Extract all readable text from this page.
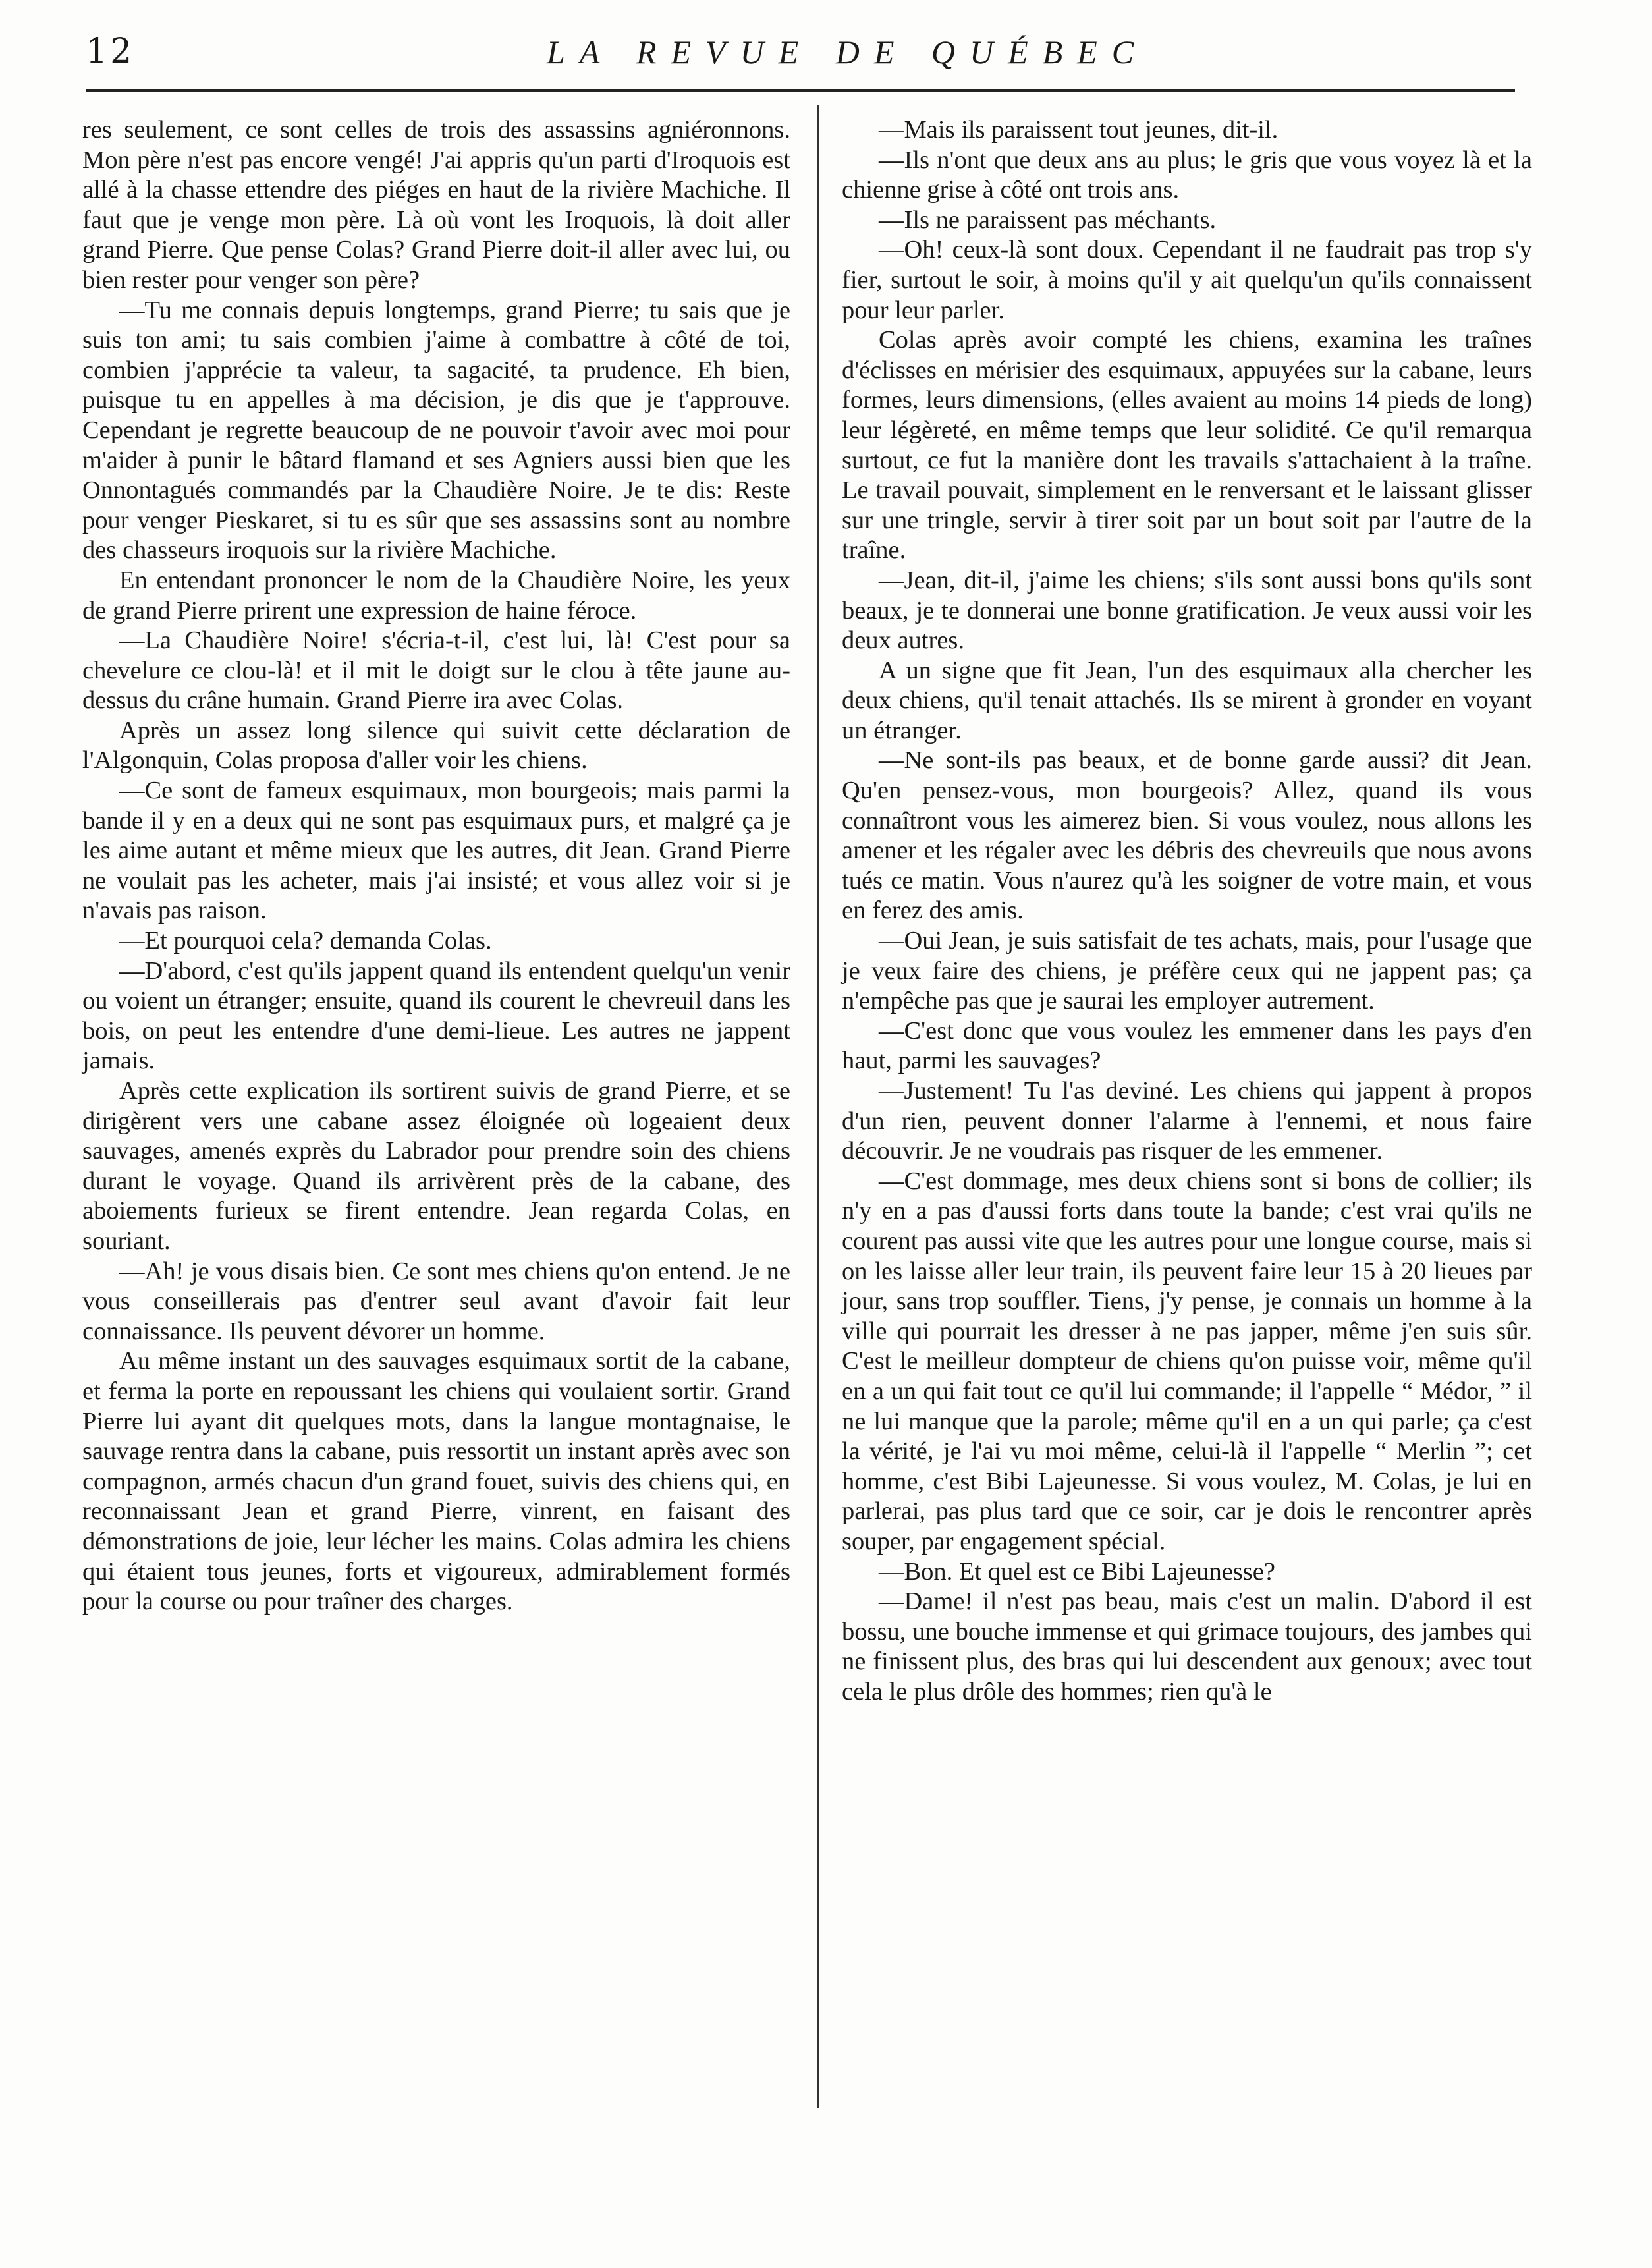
12	LA REVUE DE QUÉBEC

res seulement, ce sont celles de trois des assassins agniéronnons. Mon père n'est pas encore vengé! J'ai appris qu'un parti d'Iroquois est allé à la chasse ettendre des piéges en haut de la rivière Machiche. Il faut que je venge mon père. Là où vont les Iroquois, là doit aller grand Pierre. Que pense Colas? Grand Pierre doit-il aller avec lui, ou bien rester pour venger son père?

—Tu me connais depuis longtemps, grand Pierre; tu sais que je suis ton ami; tu sais combien j'aime à combattre à côté de toi, combien j'apprécie ta valeur, ta sagacité, ta prudence. Eh bien, puisque tu en appelles à ma décision, je dis que je t'approuve. Cependant je regrette beaucoup de ne pouvoir t'avoir avec moi pour m'aider à punir le bâtard flamand et ses Agniers aussi bien que les Onnontagués commandés par la Chaudière Noire. Je te dis: Reste pour venger Pieskaret, si tu es sûr que ses assassins sont au nombre des chasseurs iroquois sur la rivière Machiche.

En entendant prononcer le nom de la Chaudière Noire, les yeux de grand Pierre prirent une expression de haine féroce.

—La Chaudière Noire! s'écria-t-il, c'est lui, là! C'est pour sa chevelure ce clou-là! et il mit le doigt sur le clou à tête jaune au-dessus du crâne humain. Grand Pierre ira avec Colas.

Après un assez long silence qui suivit cette déclaration de l'Algonquin, Colas proposa d'aller voir les chiens.

—Ce sont de fameux esquimaux, mon bourgeois; mais parmi la bande il y en a deux qui ne sont pas esquimaux purs, et malgré ça je les aime autant et même mieux que les autres, dit Jean. Grand Pierre ne voulait pas les acheter, mais j'ai insisté; et vous allez voir si je n'avais pas raison.

—Et pourquoi cela? demanda Colas.

—D'abord, c'est qu'ils jappent quand ils entendent quelqu'un venir ou voient un étranger; ensuite, quand ils courent le chevreuil dans les bois, on peut les entendre d'une demi-lieue. Les autres ne jappent jamais.

Après cette explication ils sortirent suivis de grand Pierre, et se dirigèrent vers une cabane assez éloignée où logeaient deux sauvages, amenés exprès du Labrador pour prendre soin des chiens durant le voyage. Quand ils arrivèrent près de la cabane, des aboiements furieux se firent entendre. Jean regarda Colas, en souriant.

—Ah! je vous disais bien. Ce sont mes chiens qu'on entend. Je ne vous conseillerais pas d'entrer seul avant d'avoir fait leur connaissance. Ils peuvent dévorer un homme.

Au même instant un des sauvages esquimaux sortit de la cabane, et ferma la porte en repoussant les chiens qui voulaient sortir. Grand Pierre lui ayant dit quelques mots, dans la langue montagnaise, le sauvage rentra dans la cabane, puis ressortit un instant après avec son compagnon, armés chacun d'un grand fouet, suivis des chiens qui, en reconnaissant Jean et grand Pierre, vinrent, en faisant des démonstrations de joie, leur lécher les mains. Colas admira les chiens qui étaient tous jeunes, forts et vigoureux, admirablement formés pour la course ou pour traîner des charges.

—Mais ils paraissent tout jeunes, dit-il.

—Ils n'ont que deux ans au plus; le gris que vous voyez là et la chienne grise à côté ont trois ans.

—Ils ne paraissent pas méchants.

—Oh! ceux-là sont doux. Cependant il ne faudrait pas trop s'y fier, surtout le soir, à moins qu'il y ait quelqu'un qu'ils connaissent pour leur parler.

Colas après avoir compté les chiens, examina les traînes d'éclisses en mérisier des esquimaux, appuyées sur la cabane, leurs formes, leurs dimensions, (elles avaient au moins 14 pieds de long) leur légèreté, en même temps que leur solidité. Ce qu'il remarqua surtout, ce fut la manière dont les travails s'attachaient à la traîne. Le travail pouvait, simplement en le renversant et le laissant glisser sur une tringle, servir à tirer soit par un bout soit par l'autre de la traîne.

—Jean, dit-il, j'aime les chiens; s'ils sont aussi bons qu'ils sont beaux, je te donnerai une bonne gratification. Je veux aussi voir les deux autres.

A un signe que fit Jean, l'un des esquimaux alla chercher les deux chiens, qu'il tenait attachés. Ils se mirent à gronder en voyant un étranger.

—Ne sont-ils pas beaux, et de bonne garde aussi? dit Jean. Qu'en pensez-vous, mon bourgeois? Allez, quand ils vous connaîtront vous les aimerez bien. Si vous voulez, nous allons les amener et les régaler avec les débris des chevreuils que nous avons tués ce matin. Vous n'aurez qu'à les soigner de votre main, et vous en ferez des amis.

—Oui Jean, je suis satisfait de tes achats, mais, pour l'usage que je veux faire des chiens, je préfère ceux qui ne jappent pas; ça n'empêche pas que je saurai les employer autrement.

—C'est donc que vous voulez les emmener dans les pays d'en haut, parmi les sauvages?

—Justement! Tu l'as deviné. Les chiens qui jappent à propos d'un rien, peuvent donner l'alarme à l'ennemi, et nous faire découvrir. Je ne voudrais pas risquer de les emmener.

—C'est dommage, mes deux chiens sont si bons de collier; ils n'y en a pas d'aussi forts dans toute la bande; c'est vrai qu'ils ne courent pas aussi vite que les autres pour une longue course, mais si on les laisse aller leur train, ils peuvent faire leur 15 à 20 lieues par jour, sans trop souffler. Tiens, j'y pense, je connais un homme à la ville qui pourrait les dresser à ne pas japper, même j'en suis sûr. C'est le meilleur dompteur de chiens qu'on puisse voir, même qu'il en a un qui fait tout ce qu'il lui commande; il l'appelle “ Médor, ” il ne lui manque que la parole; même qu'il en a un qui parle; ça c'est la vérité, je l'ai vu moi même, celui-là il l'appelle “ Merlin ”; cet homme, c'est Bibi Lajeunesse. Si vous voulez, M. Colas, je lui en parlerai, pas plus tard que ce soir, car je dois le rencontrer après souper, par engagement spécial.

—Bon. Et quel est ce Bibi Lajeunesse?

—Dame! il n'est pas beau, mais c'est un malin. D'abord il est bossu, une bouche immense et qui grimace toujours, des jambes qui ne finissent plus, des bras qui lui descendent aux genoux; avec tout cela le plus drôle des hommes; rien qu'à le
